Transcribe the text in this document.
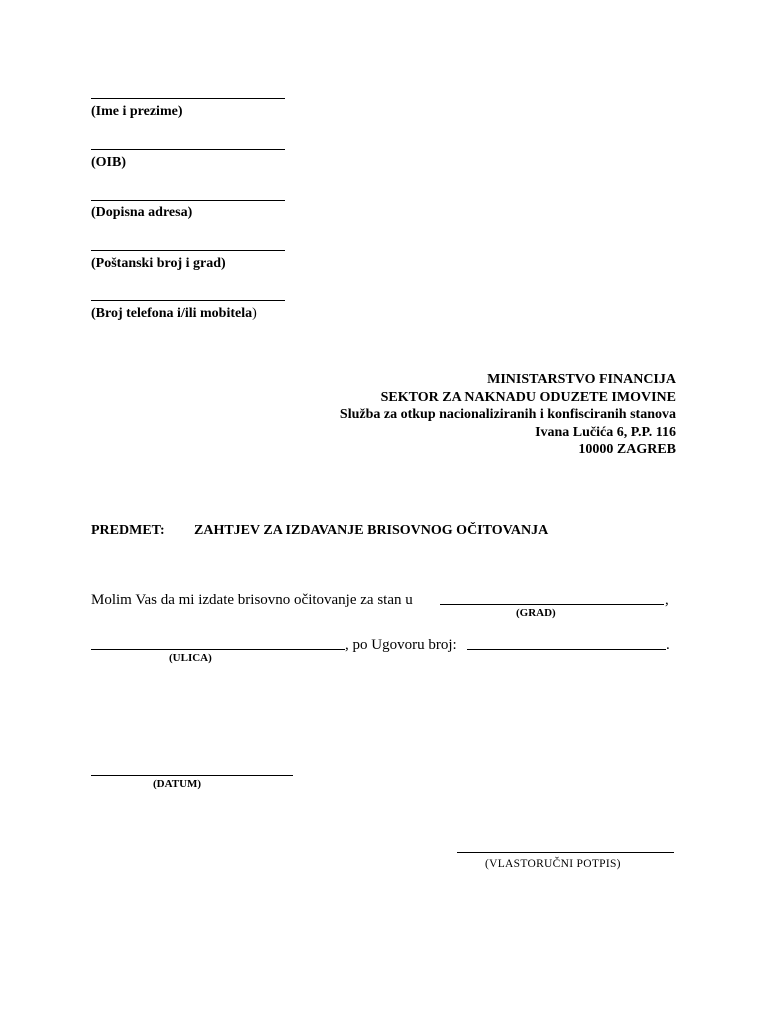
(Ime i prezime)
(OIB)
(Dopisna adresa)
(Poštanski broj i grad)
(Broj telefona i/ili mobitela)
MINISTARSTVO FINANCIJA
SEKTOR ZA NAKNADU ODUZETE IMOVINE
Služba za otkup nacionaliziranih i konfisciranih stanova
Ivana Lučića 6, P.P. 116
10000 ZAGREB
PREDMET: ZAHTJEV ZA IZDAVANJE BRISOVNOG OČITOVANJA
Molim Vas da mi izdate brisovno očitovanje za stan u	,
(GRAD)
, po Ugovoru broj:	.
(ULICA)
(DATUM)
(VLASTORUČNI POTPIS)
